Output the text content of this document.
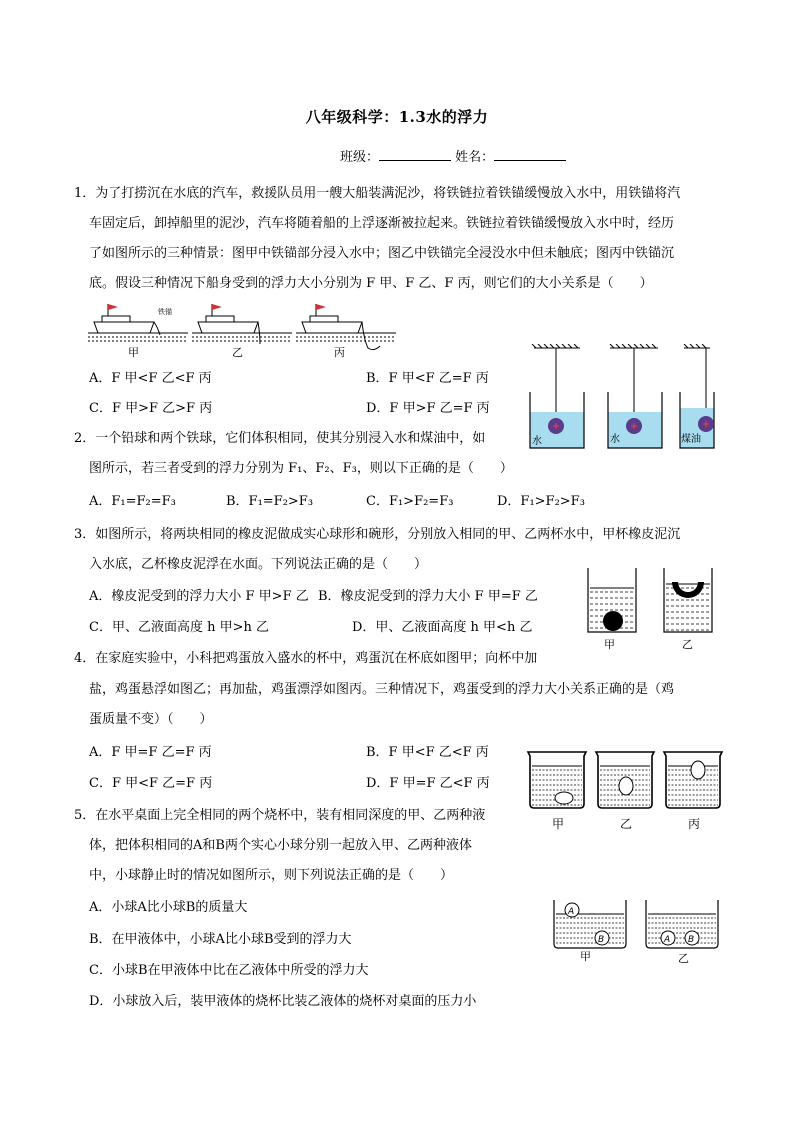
八年级科学：1.3水的浮力
班级：	姓名：
1．为了打捞沉在水底的汽车，救援队员用一艘大船装满泥沙，将铁链拉着铁锚缓慢放入水中，用铁锚将汽
车固定后，卸掉船里的泥沙，汽车将随着船的上浮逐渐被拉起来。铁链拉着铁锚缓慢放入水中时，经历
了如图所示的三种情景：图甲中铁锚部分浸入水中；图乙中铁锚完全浸没水中但未触底；图丙中铁锚沉
底。假设三种情况下船身受到的浮力大小分别为 F 甲、F 乙、F 丙，则它们的大小关系是（　　）
铁锚
甲	乙	丙
A．F 甲<F 乙<F 丙	B．F 甲<F 乙=F 丙
C．F 甲>F 乙>F 丙	D．F 甲>F 乙=F 丙
水	水	煤油
2．一个铅球和两个铁球，它们体积相同，使其分别浸入水和煤油中，如
图所示，若三者受到的浮力分别为 F₁、F₂、F₃，则以下正确的是（　　）
A．F₁=F₂=F₃	B．F₁=F₂>F₃	C．F₁>F₂=F₃	D．F₁>F₂>F₃
3．如图所示，将两块相同的橡皮泥做成实心球形和碗形，分别放入相同的甲、乙两杯水中，甲杯橡皮泥沉
入水底，乙杯橡皮泥浮在水面。下列说法正确的是（　　）
A．橡皮泥受到的浮力大小 F 甲>F 乙 B．橡皮泥受到的浮力大小 F 甲=F 乙
C．甲、乙液面高度 h 甲>h 乙	D．甲、乙液面高度 h 甲<h 乙
甲	乙
4．在家庭实验中，小科把鸡蛋放入盛水的杯中，鸡蛋沉在杯底如图甲；向杯中加
盐，鸡蛋悬浮如图乙；再加盐，鸡蛋漂浮如图丙。三种情况下，鸡蛋受到的浮力大小关系正确的是（鸡
蛋质量不变）（　　）
A．F 甲=F 乙=F 丙	B．F 甲<F 乙<F 丙
C．F 甲<F 乙=F 丙	D．F 甲=F 乙<F 丙
甲	乙	丙
5．在水平桌面上完全相同的两个烧杯中，装有相同深度的甲、乙两种液
体，把体积相同的A和B两个实心小球分别一起放入甲、乙两种液体
中，小球静止时的情况如图所示，则下列说法正确的是（　　）
A．小球A比小球B的质量大
B．在甲液体中，小球A比小球B受到的浮力大
C．小球B在甲液体中比在乙液体中所受的浮力大
D．小球放入后，装甲液体的烧杯比装乙液体的烧杯对桌面的压力小
A
B	A B
甲	乙
